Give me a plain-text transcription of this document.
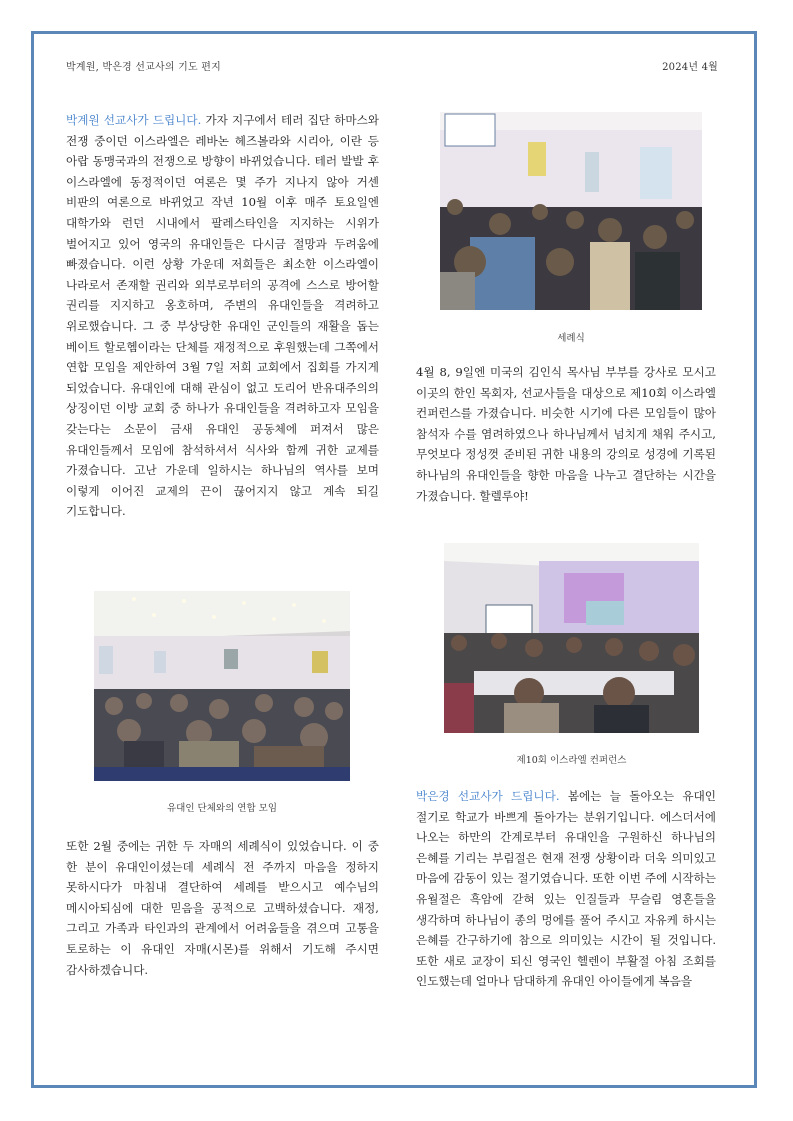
박계원, 박은경 선교사의 기도 편지	2024년 4월
박계원 선교사가 드립니다. 가자 지구에서 테러 집단 하마스와 전쟁 중이던 이스라엘은 레바논 헤즈볼라와 시리아, 이란 등 아랍 동맹국과의 전쟁으로 방향이 바뀌었습니다. 테러 발발 후 이스라엘에 동정적이던 여론은 몇 주가 지나지 않아 거센 비판의 여론으로 바뀌었고 작년 10월 이후 매주 토요일엔 대학가와 런던 시내에서 팔레스타인을 지지하는 시위가 벌어지고 있어 영국의 유대인들은 다시금 절망과 두려움에 빠졌습니다. 이런 상황 가운데 저희들은 최소한 이스라엘이 나라로서 존재할 권리와 외부로부터의 공격에 스스로 방어할 권리를 지지하고 옹호하며, 주변의 유대인들을 격려하고 위로했습니다. 그 중 부상당한 유대인 군인들의 재활을 돕는 베이트 할로헴이라는 단체를 재정적으로 후원했는데 그쪽에서 연합 모임을 제안하여 3월 7일 저희 교회에서 집회를 가지게 되었습니다. 유대인에 대해 관심이 없고 도리어 반유대주의의 상징이던 이방 교회 중 하나가 유대인들을 격려하고자 모임을 갖는다는 소문이 금새 유대인 공동체에 퍼져서 많은 유대인들께서 모임에 참석하셔서 식사와 함께 귀한 교제를 가졌습니다. 고난 가운데 일하시는 하나님의 역사를 보며 이렇게 이어진 교제의 끈이 끊어지지 않고 계속 되길 기도합니다.
유대인 단체와의 연합 모임
또한 2월 중에는 귀한 두 자매의 세례식이 있었습니다. 이 중 한 분이 유대인이셨는데 세례식 전 주까지 마음을 정하지 못하시다가 마침내 결단하여 세례를 받으시고 예수님의 메시아되심에 대한 믿음을 공적으로 고백하셨습니다. 재정, 그리고 가족과 타인과의 관계에서 어려움들을 겪으며 고통을 토로하는 이 유대인 자매(시몬)를 위해서 기도해 주시면 감사하겠습니다.
세례식
4월 8, 9일엔 미국의 김인식 목사님 부부를 강사로 모시고 이곳의 한인 목회자, 선교사들을 대상으로 제10회 이스라엘 컨퍼런스를 가졌습니다. 비슷한 시기에 다른 모임들이 많아 참석자 수를 염려하였으나 하나님께서 넘치게 채워 주시고, 무엇보다 정성껏 준비된 귀한 내용의 강의로 성경에 기록된 하나님의 유대인들을 향한 마음을 나누고 결단하는 시간을 가졌습니다. 할렐루야!
제10회 이스라엘 컨퍼런스
박은경 선교사가 드립니다. 봄에는 늘 돌아오는 유대인 절기로 학교가 바쁘게 돌아가는 분위기입니다. 에스더서에 나오는 하만의 간계로부터 유대인을 구원하신 하나님의 은혜를 기리는 부림절은 현재 전쟁 상황이라 더욱 의미있고 마음에 감동이 있는 절기였습니다. 또한 이번 주에 시작하는 유월절은 흑암에 갇혀 있는 인질들과 무슬림 영혼들을 생각하며 하나님이 종의 멍에를 풀어 주시고 자유케 하시는 은혜를 간구하기에 참으로 의미있는 시간이 될 것입니다. 또한 새로 교장이 되신 영국인 헬렌이 부활절 아침 조회를 인도했는데 얼마나 담대하게 유대인 아이들에게 복음을
